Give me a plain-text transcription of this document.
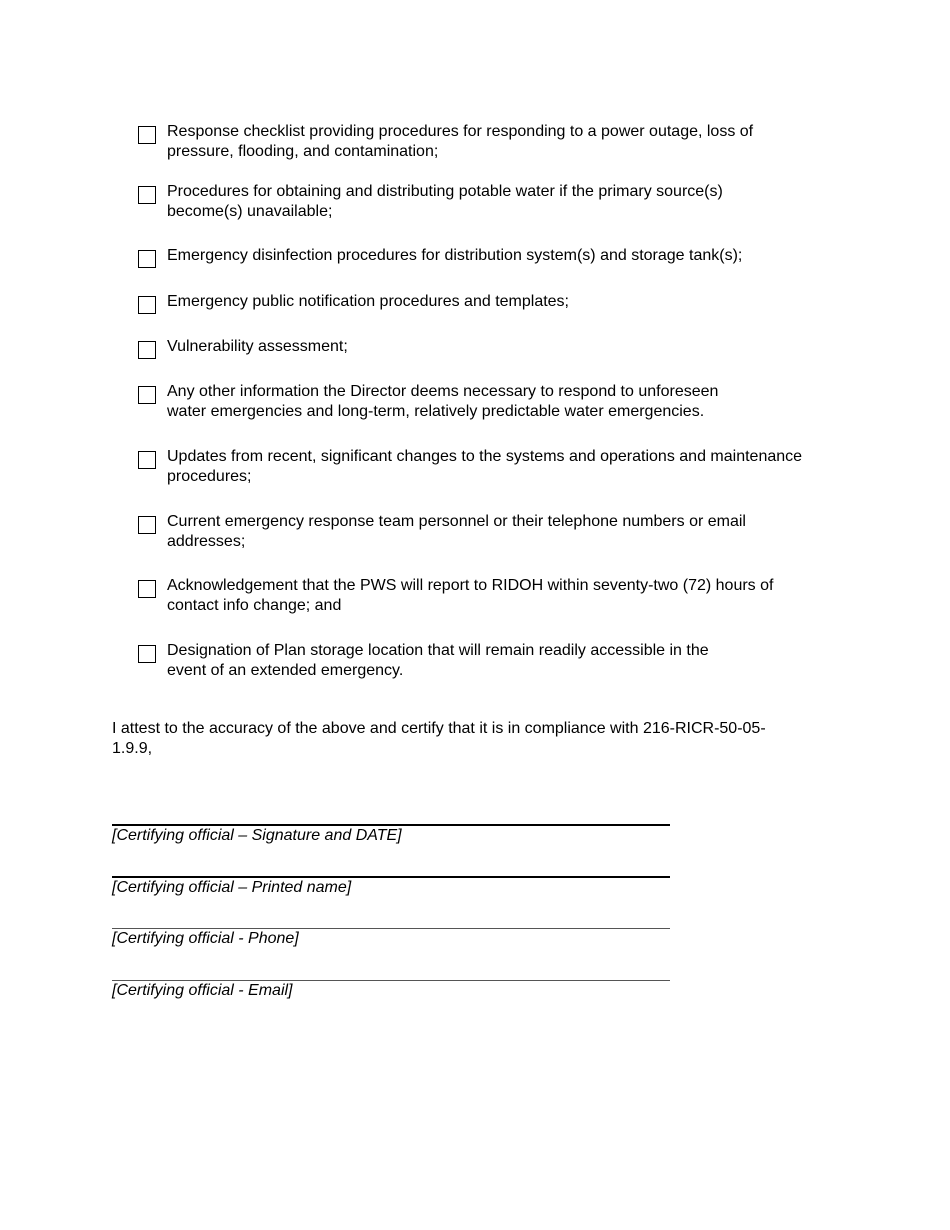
Response checklist providing procedures for responding to a power outage, loss of
pressure, flooding, and contamination;
Procedures for obtaining and distributing potable water if the primary source(s)
become(s) unavailable;
Emergency disinfection procedures for distribution system(s) and storage tank(s);
Emergency public notification procedures and templates;
Vulnerability assessment;
Any other information the Director deems necessary to respond to unforeseen
water emergencies and long-term, relatively predictable water emergencies.
Updates from recent, significant changes to the systems and operations and maintenance
procedures;
Current emergency response team personnel or their telephone numbers or email
addresses;
Acknowledgement that the PWS will report to RIDOH within seventy-two (72) hours of
contact info change; and
Designation of Plan storage location that will remain readily accessible in the
event of an extended emergency.
I attest to the accuracy of the above and certify that it is in compliance with 216-RICR-50-05-
1.9.9,
[Certifying official – Signature and DATE]
[Certifying official – Printed name]
[Certifying official - Phone]
[Certifying official - Email]
